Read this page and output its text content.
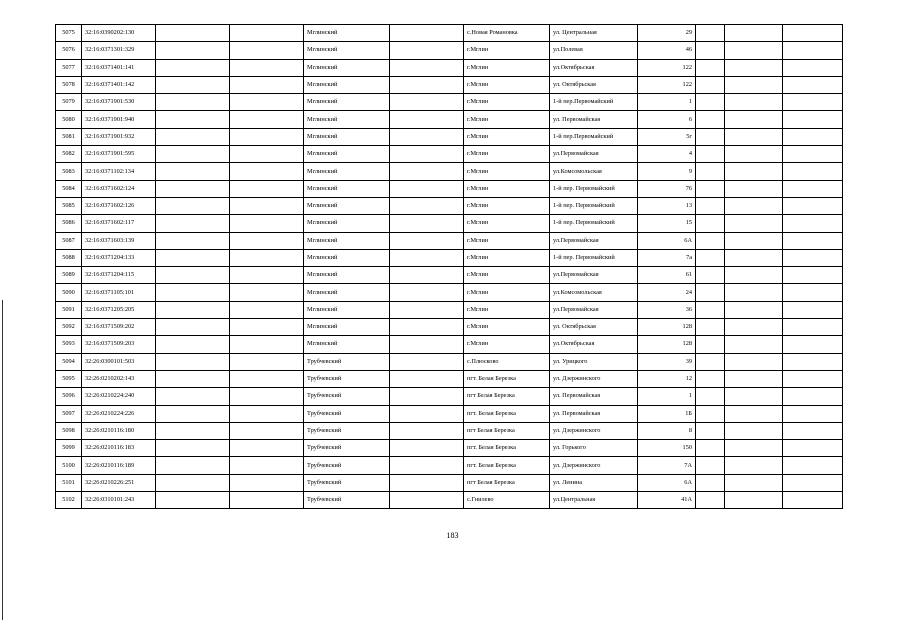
5075	32:16:0390202:130			Мглинский		с.Новая Романовка	ул. Центральная	29			
5076	32:16:0371301:329			Мглинский		г.Мглин	ул.Полевая	46			
5077	32:16:0371401:141			Мглинский		г.Мглин	ул.Октябрьская	122			
5078	32:16:0371401:142			Мглинский		г.Мглин	ул. Октябрьская	122			
5079	32:16:0371901:530			Мглинский		г.Мглин	1-й пер.Первомайский	1			
5080	32:16:0371901:940			Мглинский		г.Мглин	ул. Первомайская	6			
5081	32:16:0371901:932			Мглинский		г.Мглин	1-й пер.Первомайский	5г			
5082	32:16:0371901:595			Мглинский		г.Мглин	ул.Первомайская	4			
5083	32:16:0371102:134			Мглинский		г.Мглин	ул.Комсомольская	9			
5084	32:16:0371602:124			Мглинский		г.Мглин	1-й пер. Первомайский	76			
5085	32:16:0371602:126			Мглинский		г.Мглин	1-й пер. Первомайский	13			
5086	32:16:0371602:117			Мглинский		г.Мглин	1-й пер. Первомайский	15			
5087	32:16:0371603:139			Мглинский		г.Мглин	ул.Первомайская	6А			
5088	32:16:0371204:133			Мглинский		г.Мглин	1-й пер. Первомайский	7а			
5089	32:16:0371204:115			Мглинский		г.Мглин	ул.Первомайская	61			
5090	32:16:0371105:101			Мглинский		г.Мглин	ул.Комсомольская	24			
5091	32:16:0371205:205			Мглинский		г.Мглин	ул.Первомайская	36			
5092	32:16:0371509:202			Мглинский		г.Мглин	ул. Октябрьская	128			
5093	32:16:0371509:203			Мглинский		г.Мглин	ул.Октябрьская	128			
5094	32:26:0300101:503			Трубчевский		с.Плюсково	ул. Урицкого	39			
5095	32:26:0210202:143			Трубчевский		пгт. Белая Березка	ул. Дзержинского	12			
5096	32:26:0210224:240			Трубчевский		пгт Белая Березка	ул. Первомайская	1			
5097	32:26:0210224:226			Трубчевский		пгт. Белая Березка	ул. Первомайская	1Б			
5098	32:26:0210116:180			Трубчевский		пгт Белая Березка	ул. Дзержинского	8			
5099	32:26:0210116:183			Трубчевский		пгт. Белая Березка	ул. Горького	150			
5100	32:26:0210116:189			Трубчевский		пгт. Белая Березка	ул. Дзержинского	7А			
5101	32:26:0210226:251			Трубчевский		пгт Белая Березка	ул. Ленина	6А			
5102	32:26:0310101:243			Трубчевский		с.Гнилево	ул.Центральная	41А			
183
